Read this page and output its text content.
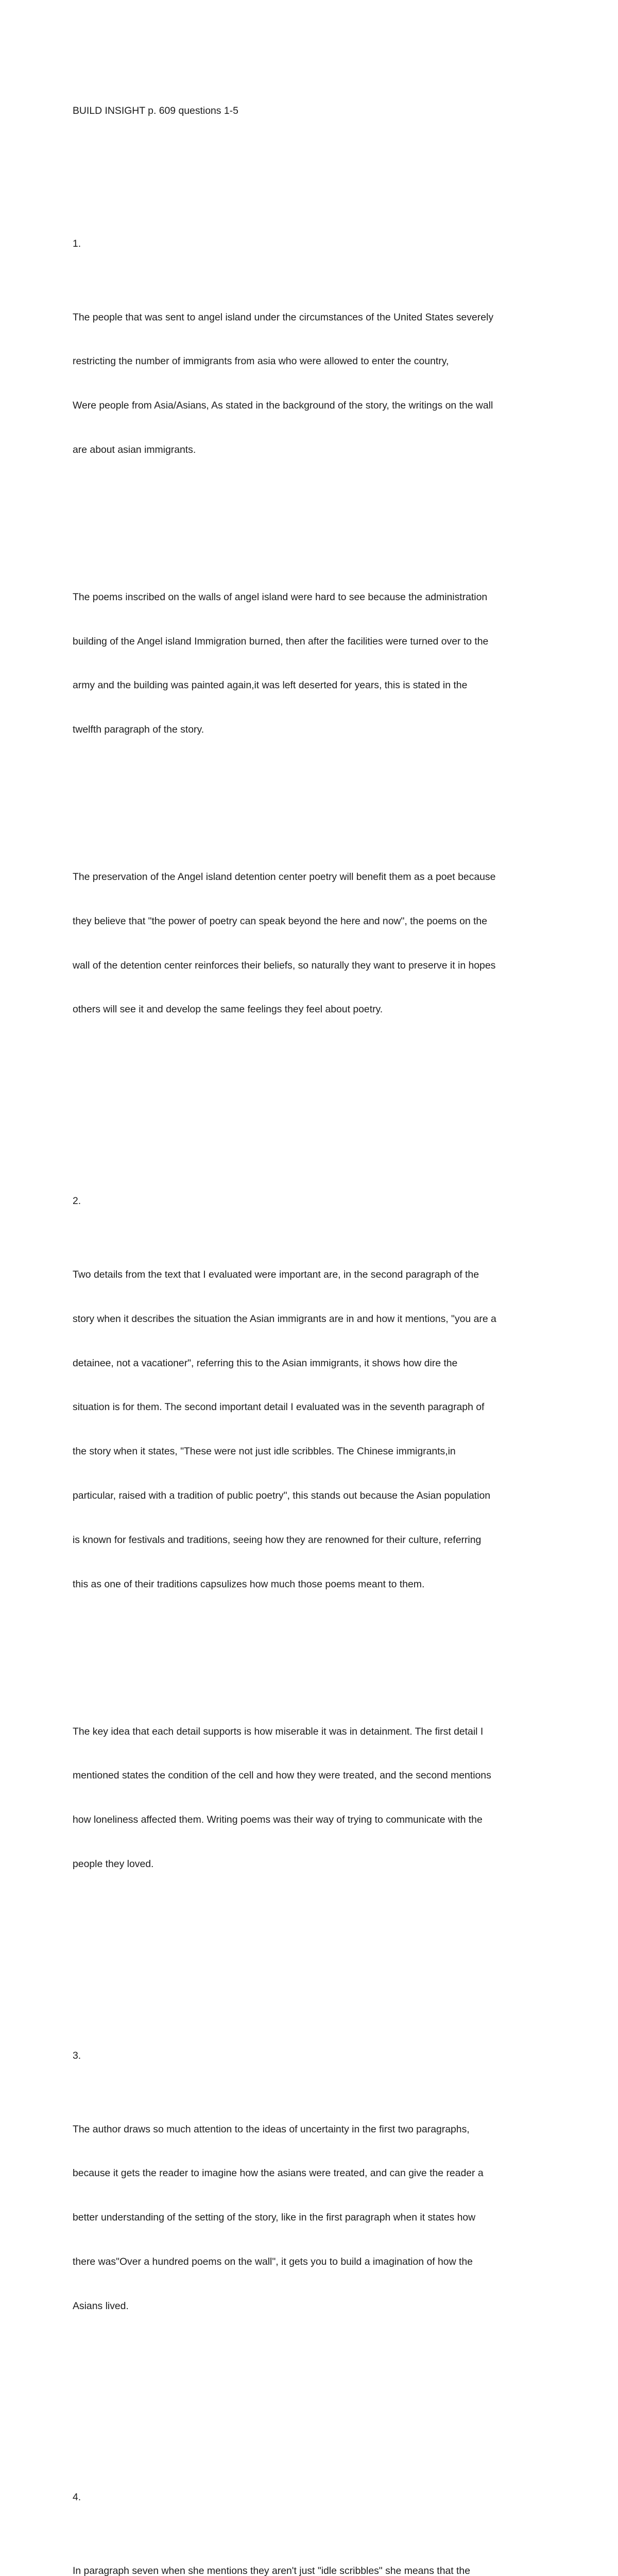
BUILD INSIGHT p. 609 questions 1-5

1.

The people that was sent to angel island under the circumstances of the United States severely

restricting the number of immigrants from asia who were allowed to enter the country,

Were people from Asia/Asians, As stated in the background of the story, the writings on the wall

are about asian immigrants.

The poems inscribed on the walls of angel island were hard to see because the administration

building of the Angel island Immigration burned, then after the facilities were turned over to the

army and the building was painted again,it was left deserted for years, this is stated in the

twelfth paragraph of the story.

The preservation of the Angel island detention center poetry will benefit them as a poet because

they believe that "the power of poetry can speak beyond the here and now", the poems on the

wall of the detention center reinforces their beliefs, so naturally they want to preserve it in hopes

others will see it and develop the same feelings they feel about poetry.

2.

Two details from the text that I evaluated were important are, in the second paragraph of the

story when it describes the situation the Asian immigrants are in and how it mentions, "you are a

detainee, not a vacationer", referring this to the Asian immigrants, it shows how dire the

situation is for them. The second important detail I evaluated was in the seventh paragraph of

the story when it states, "These were not just idle scribbles. The Chinese immigrants,in

particular, raised with a tradition of public poetry", this stands out because the Asian population

is known for festivals and traditions, seeing how they are renowned for their culture, referring

this as one of their traditions capsulizes how much those poems meant to them.

The key idea that each detail supports is how miserable it was in detainment. The first detail I

mentioned states the condition of the cell and how they were treated, and the second mentions

how loneliness affected them. Writing poems was their way of trying to communicate with the

people they loved.

3.

The author draws so much attention to the ideas of uncertainty in the first two paragraphs,

because it gets the reader to imagine how the asians were treated, and can give the reader a

better understanding of the setting of the story, like in the first paragraph when it states how

there was"Over a hundred poems on the wall", it gets you to build a imagination of how the

Asians lived.

4.

In paragraph seven when she mentions they aren't just "idle scribbles" she means that the
